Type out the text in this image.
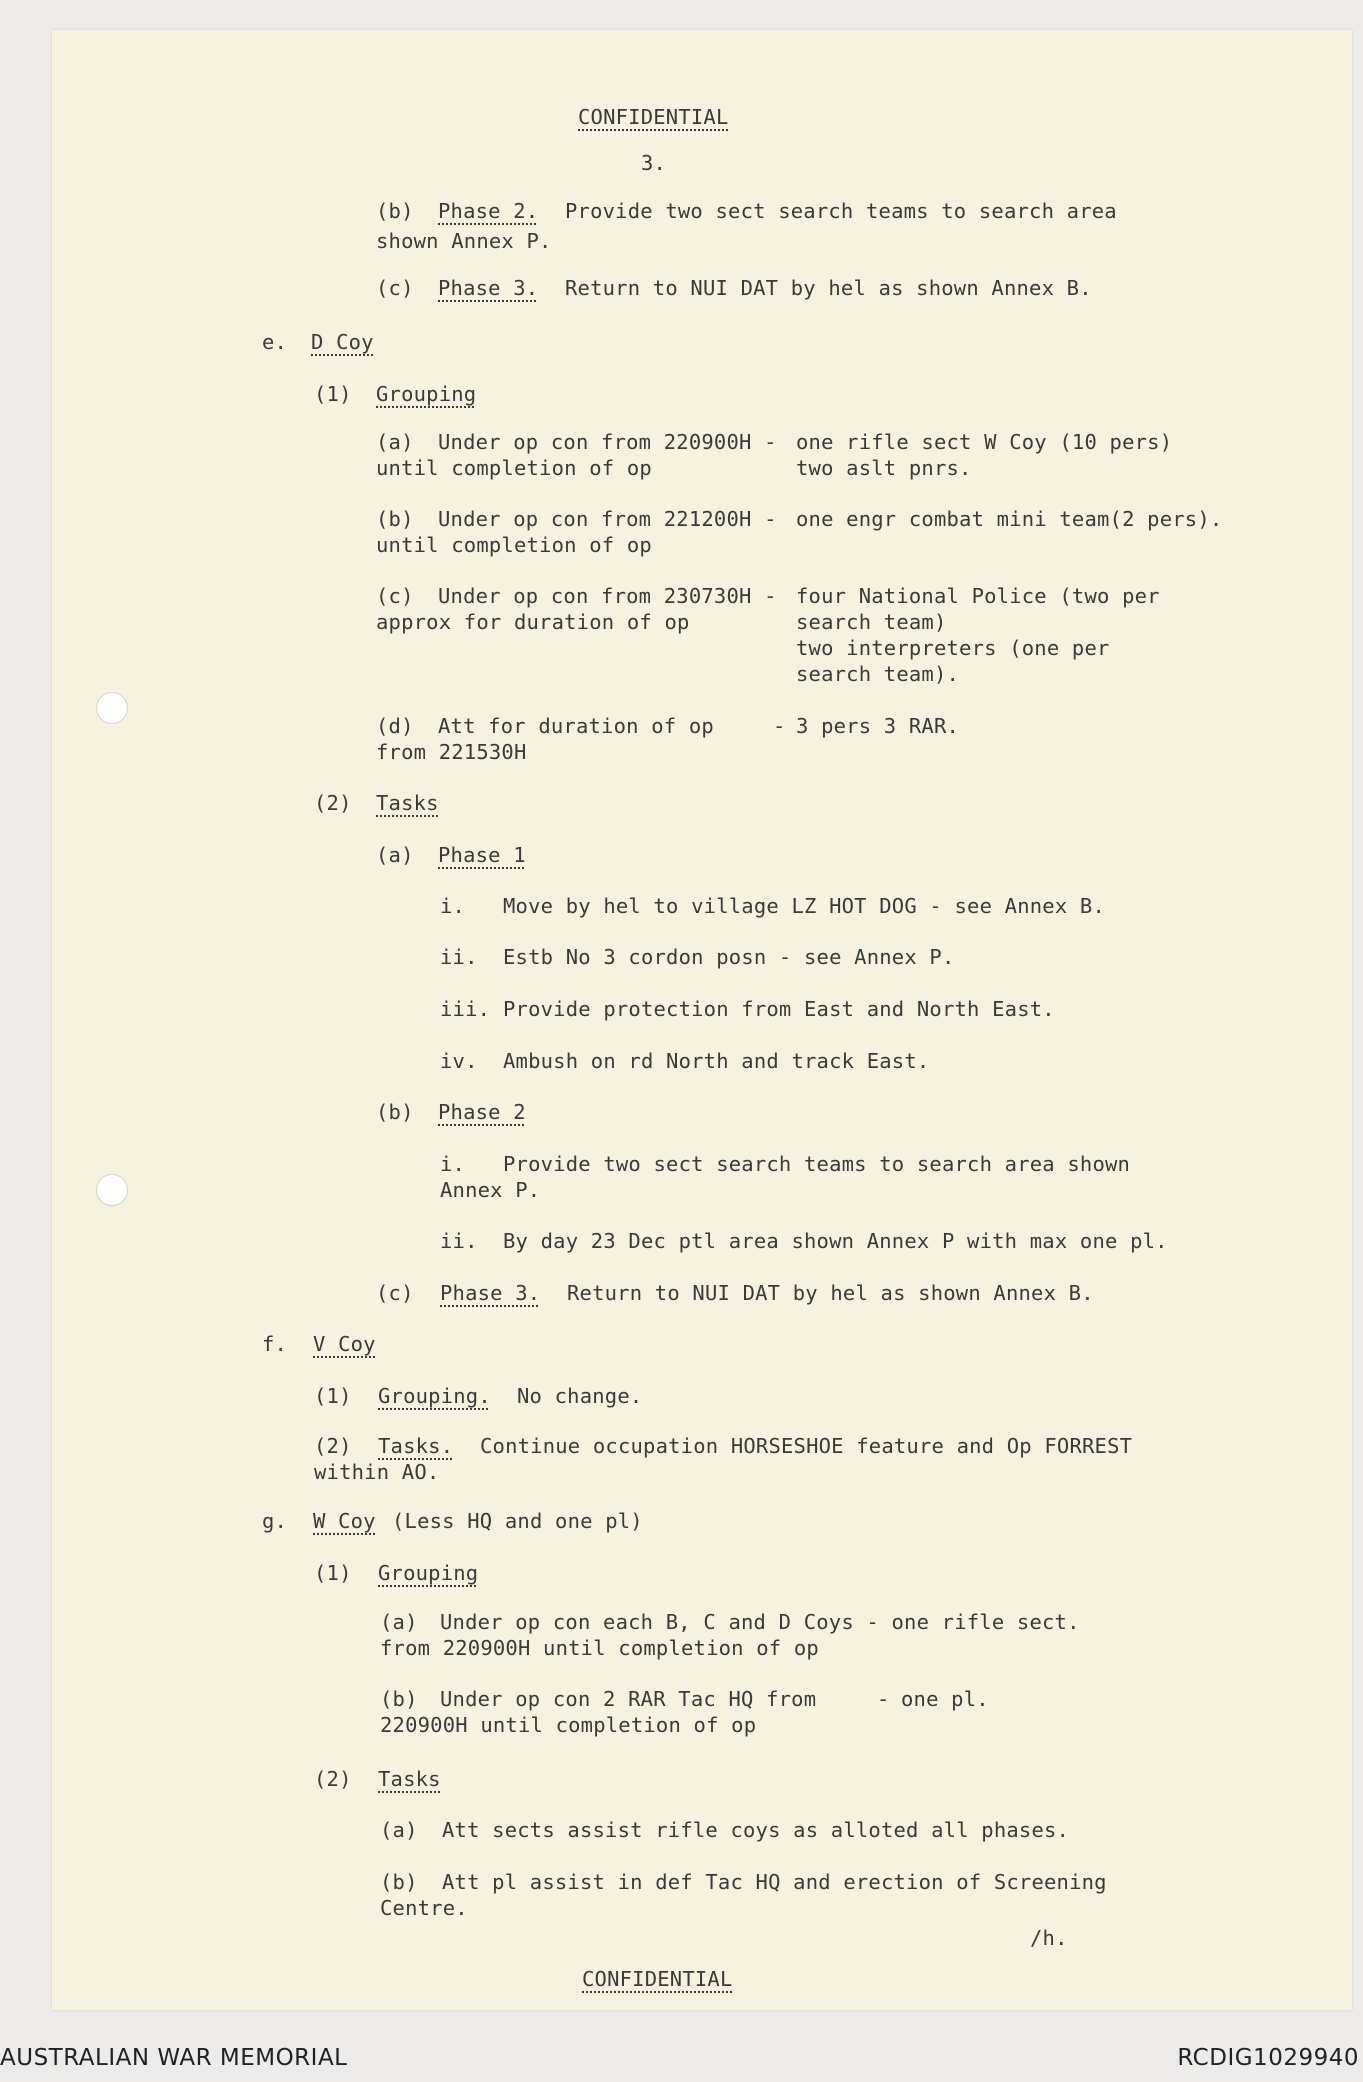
CONFIDENTIAL
3.
(b) Phase 2. Provide two sect search teams to search area
shown Annex P.
(c) Phase 3. Return to NUI DAT by hel as shown Annex B.
e. D Coy
(1) Grouping
(a) Under op con from 220900H -
until completion of op
one rifle sect W Coy (10 pers)
two aslt pnrs.
(b) Under op con from 221200H -
until completion of op
one engr combat mini team(2 pers).
(c) Under op con from 230730H -
approx for duration of op
four National Police (two per
search team)
two interpreters (one per
search team).
(d) Att for duration of op
from 221530H
- 3 pers 3 RAR.
(2) Tasks
(a) Phase 1
i. Move by hel to village LZ HOT DOG - see Annex B.
ii. Estb No 3 cordon posn - see Annex P.
iii. Provide protection from East and North East.
iv. Ambush on rd North and track East.
(b) Phase 2
i. Provide two sect search teams to search area shown
Annex P.
ii. By day 23 Dec ptl area shown Annex P with max one pl.
(c) Phase 3. Return to NUI DAT by hel as shown Annex B.
f. V Coy
(1) Grouping. No change.
(2) Tasks. Continue occupation HORSESHOE feature and Op FORREST
within AO.
g. W Coy (Less HQ and one pl)
(1) Grouping
(a) Under op con each B, C and D Coys - one rifle sect.
from 220900H until completion of op
(b) Under op con 2 RAR Tac HQ from
220900H until completion of op
- one pl.
(2) Tasks
(a) Att sects assist rifle coys as alloted all phases.
(b) Att pl assist in def Tac HQ and erection of Screening
Centre.
/h.
CONFIDENTIAL
AUSTRALIAN WAR MEMORIAL	RCDIG1029940
